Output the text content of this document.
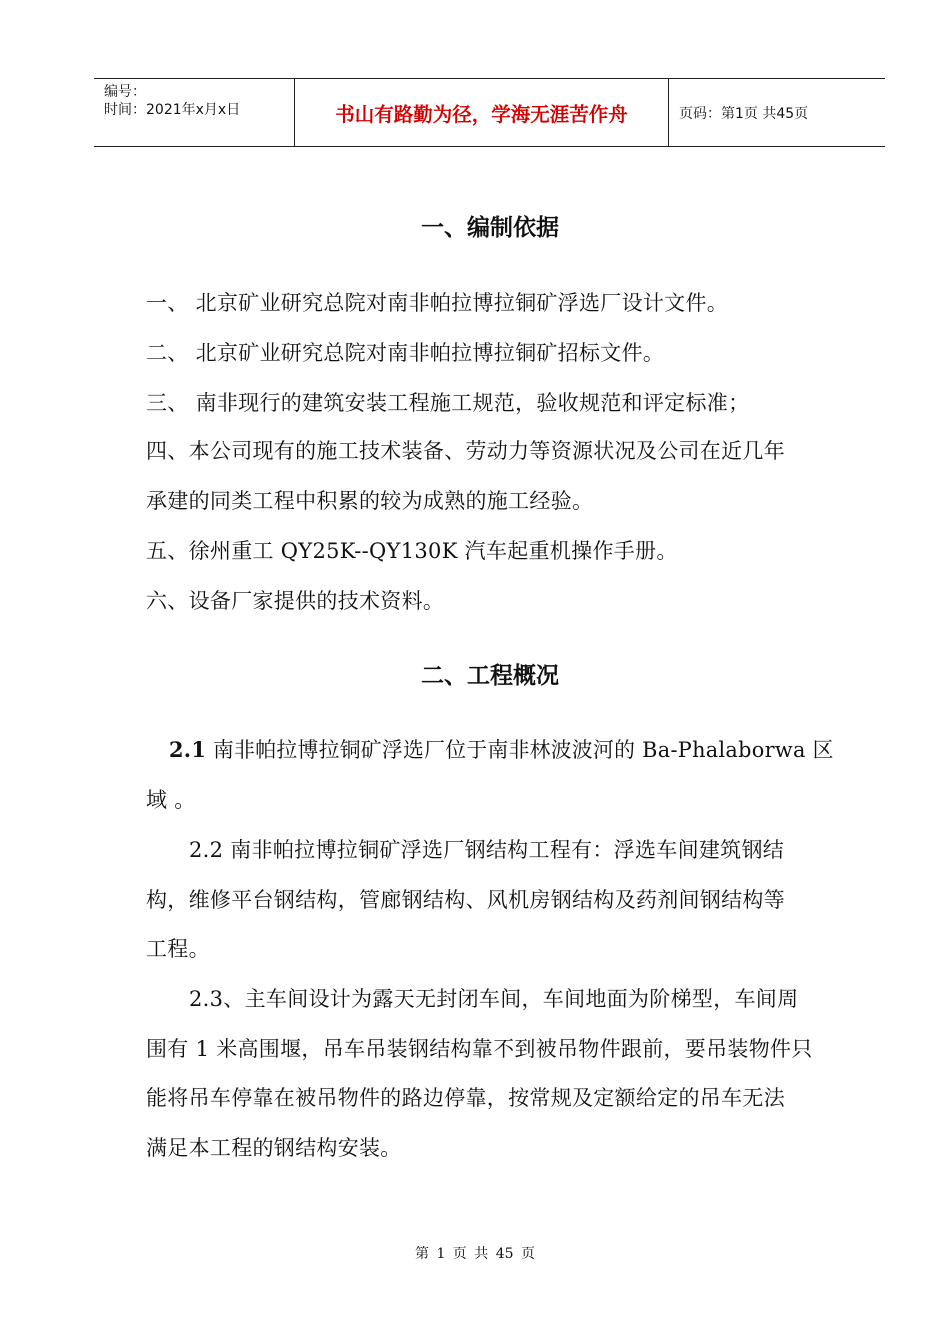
编号：
时间：2021年x月x日	书山有路勤为径，学海无涯苦作舟	页码：第1页 共45页
一、编制依据
一、 北京矿业研究总院对南非帕拉博拉铜矿浮选厂设计文件。
二、 北京矿业研究总院对南非帕拉博拉铜矿招标文件。
三、 南非现行的建筑安装工程施工规范，验收规范和评定标准；
四、本公司现有的施工技术装备、劳动力等资源状况及公司在近几年
承建的同类工程中积累的较为成熟的施工经验。
五、徐州重工 QY25K--QY130K 汽车起重机操作手册。
六、设备厂家提供的技术资料。
二、工程概况
2.1 南非帕拉博拉铜矿浮选厂位于南非林波波河的 Ba-Phalaborwa 区
域 。
2.2 南非帕拉博拉铜矿浮选厂钢结构工程有：浮选车间建筑钢结
构，维修平台钢结构，管廊钢结构、风机房钢结构及药剂间钢结构等
工程。
2.3、主车间设计为露天无封闭车间，车间地面为阶梯型，车间周
围有 1 米高围堰，吊车吊装钢结构靠不到被吊物件跟前，要吊装物件只
能将吊车停靠在被吊物件的路边停靠，按常规及定额给定的吊车无法
满足本工程的钢结构安装。
第 1 页 共 45 页
